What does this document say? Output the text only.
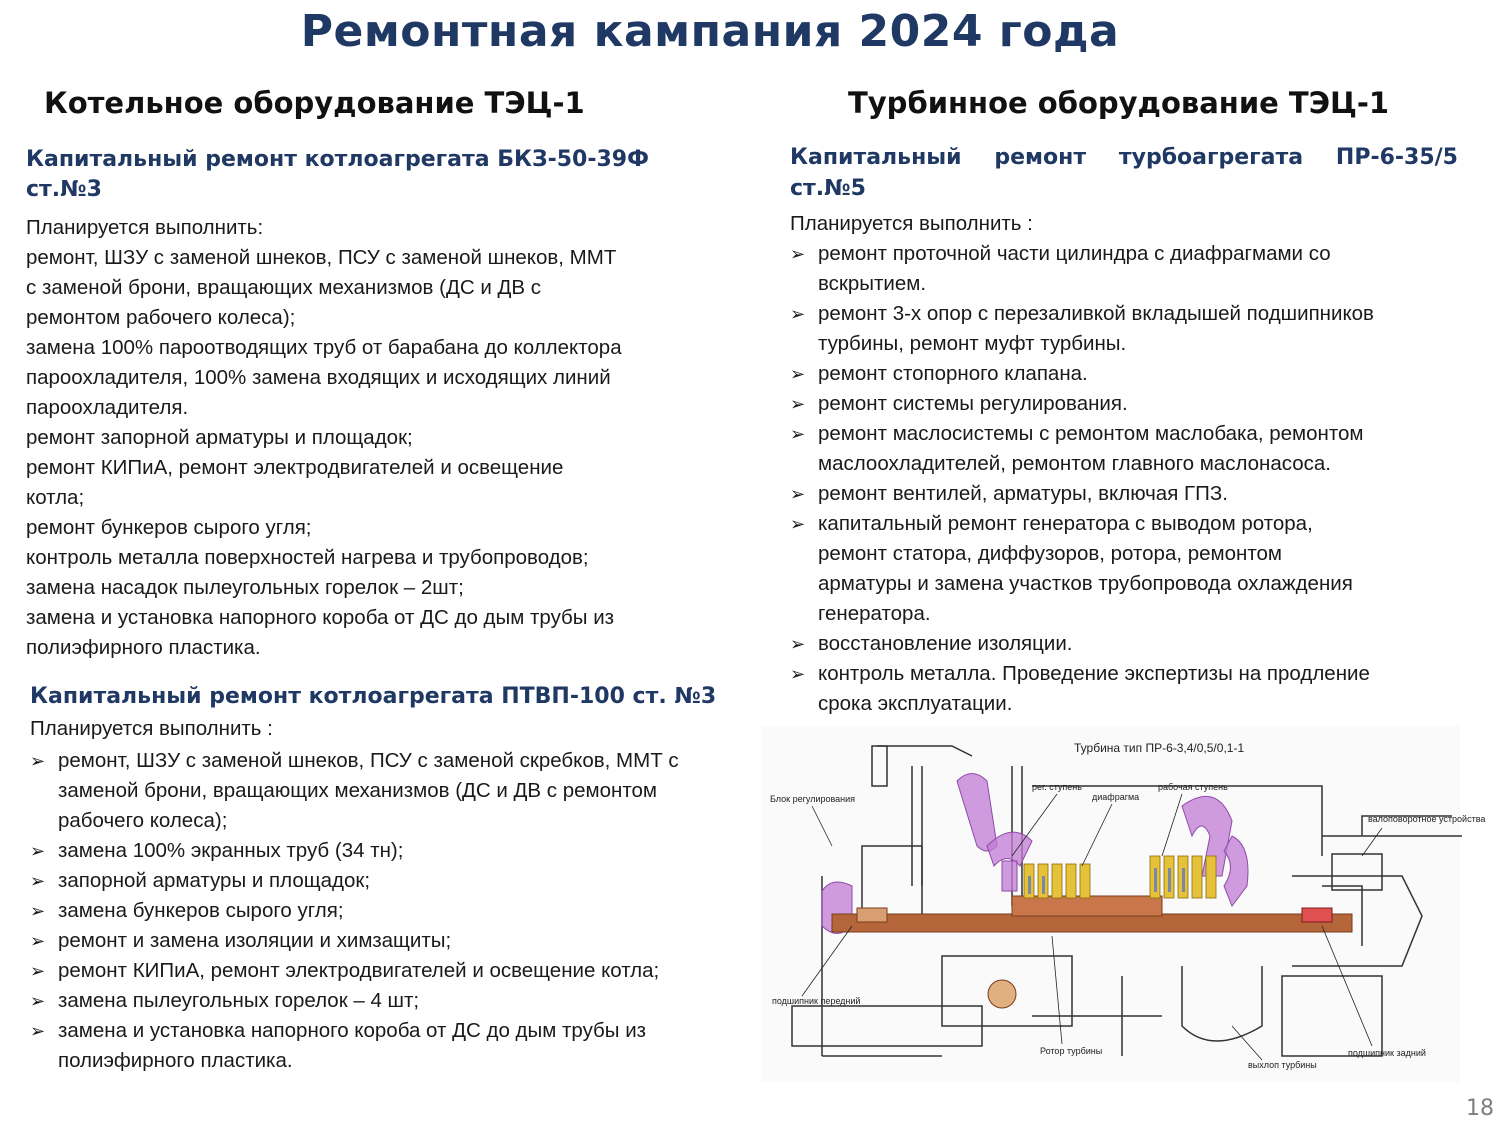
Ремонтная кампания 2024 года
Котельное оборудование ТЭЦ-1	Турбинное оборудование ТЭЦ-1
Капитальный ремонт котлоагрегата БКЗ-50-39Ф
ст.№3
Планируется выполнить:
ремонт, ШЗУ с заменой шнеков, ПСУ с заменой шнеков, ММТ
с заменой брони, вращающих механизмов (ДС и ДВ с
ремонтом рабочего колеса);
замена 100% пароотводящих труб от барабана до коллектора
пароохладителя, 100% замена входящих и исходящих линий
пароохладителя.
ремонт запорной арматуры и площадок;
ремонт КИПиА, ремонт электродвигателей и освещение
котла;
ремонт бункеров сырого угля;
контроль металла поверхностей нагрева и трубопроводов;
замена насадок пылеугольных горелок – 2шт;
замена и установка напорного короба от ДС до дым трубы из
полиэфирного пластика.
Капитальный ремонт котлоагрегата ПТВП-100 ст. №3
Планируется выполнить :
➢ ремонт, ШЗУ с заменой шнеков, ПСУ с заменой скребков, ММТ с
заменой брони, вращающих механизмов (ДС и ДВ с ремонтом
рабочего колеса);
➢ замена 100% экранных труб (34 тн);
➢ запорной арматуры и площадок;
➢ замена бункеров сырого угля;
➢ ремонт и замена изоляции и химзащиты;
➢ ремонт КИПиА, ремонт электродвигателей и освещение котла;
➢ замена пылеугольных горелок – 4 шт;
➢ замена и установка напорного короба от ДС до дым трубы из
полиэфирного пластика.
Капитальный ремонт турбоагрегата ПР-6-35/5
ст.№5
Планируется выполнить :
➢ ремонт проточной части цилиндра с диафрагмами со
вскрытием.
➢ ремонт 3-х опор с перезаливкой вкладышей подшипников
турбины, ремонт муфт турбины.
➢ ремонт стопорного клапана.
➢ ремонт системы регулирования.
➢ ремонт маслосистемы с ремонтом маслобака, ремонтом
маслоохладителей, ремонтом главного маслонасоса.
➢ ремонт вентилей, арматуры, включая ГПЗ.
➢ капитальный ремонт генератора с выводом ротора,
ремонт статора, диффузоров, ротора, ремонтом
арматуры и замена участков трубопровода охлаждения
генератора.
➢ восстановление изоляции.
➢ контроль металла. Проведение экспертизы на продление
срока эксплуатации.
Турбина тип ПР-6-3,4/0,5/0,1-1
Блок регулирования
рег. ступень
диафрагма
рабочая ступень
валоповоротное устройства
подшипник передний
Ротор турбины
выхлоп турбины
подшипник задний
18
